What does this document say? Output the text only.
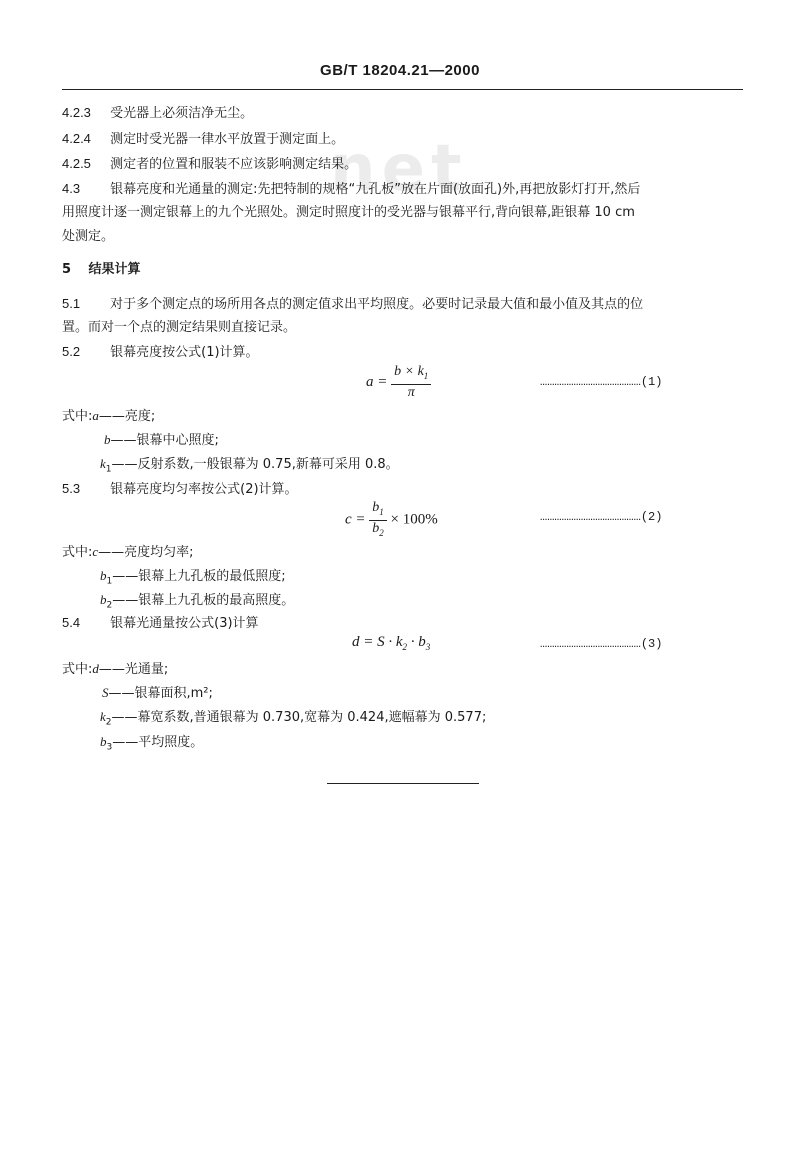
net
GB/T 18204.21—2000
4.2.3 受光器上必须洁净无尘。
4.2.4 测定时受光器一律水平放置于测定面上。
4.2.5 测定者的位置和服装不应该影响测定结果。
4.3 银幕亮度和光通量的测定:先把特制的规格“九孔板”放在片面(放面孔)外,再把放影灯打开,然后
用照度计逐一测定银幕上的九个光照处。测定时照度计的受光器与银幕平行,背向银幕,距银幕 10 cm
处测定。
5 结果计算
5.1 对于多个测定点的场所用各点的测定值求出平均照度。必要时记录最大值和最小值及其点的位
置。而对一个点的测定结果则直接记录。
5.2 银幕亮度按公式(1)计算。
$a = \frac{b \times k_1}{\pi}$	……………………………………(1)
式中:a——亮度;
b——银幕中心照度;
$k_1——$反射系数,一般银幕为 0.75,新幕可采用 0.8。
5.3 银幕亮度均匀率按公式(2)计算。
$c = \frac{b_1}{b_2} \times 100\%$	……………………………………(2)
式中:c——亮度均匀率;
$b_1——$银幕上九孔板的最低照度;
$b_2——$银幕上九孔板的最高照度。
5.4 银幕光通量按公式(3)计算
$d = S \cdot k_2 \cdot b_3$	……………………………………(3)
式中:d——光通量;
S——银幕面积,m²;
$k_2——$幕宽系数,普通银幕为 0.730,宽幕为 0.424,遮幅幕为 0.577;
$b_3——$平均照度。
